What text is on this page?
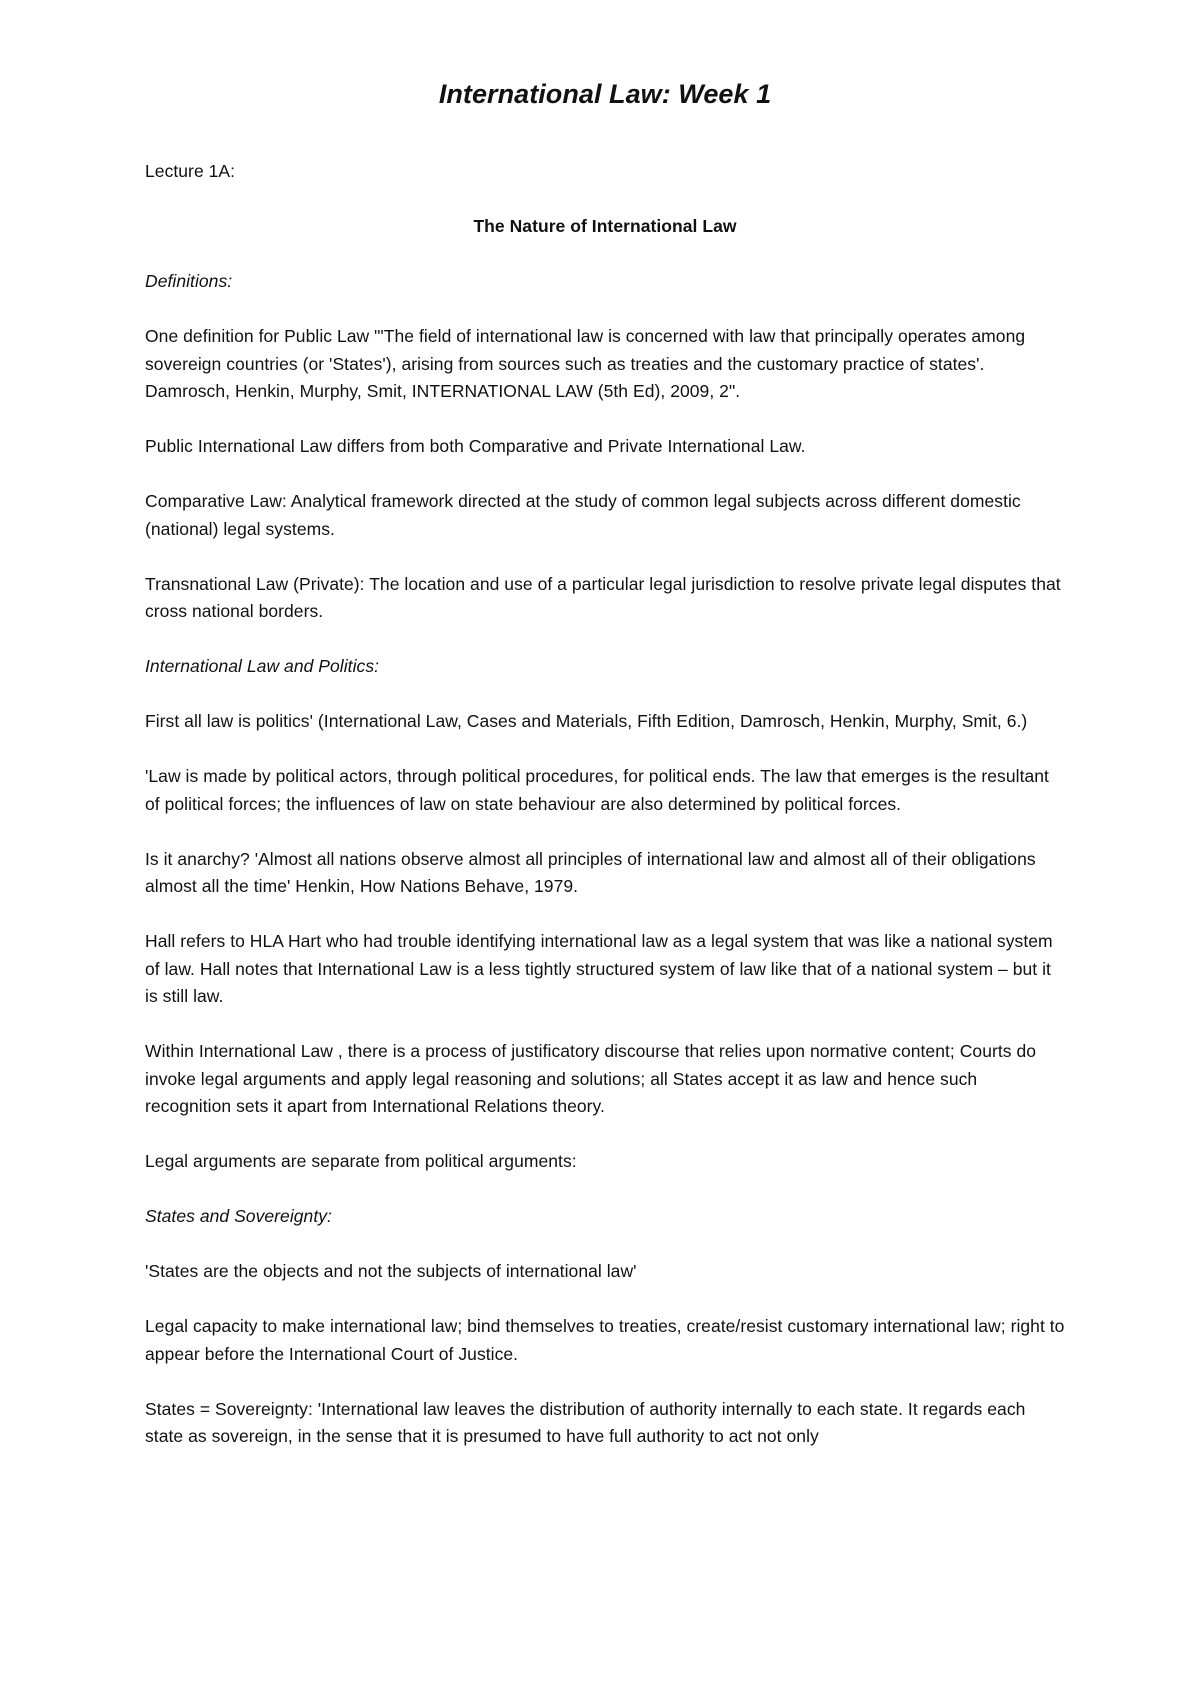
International Law: Week 1
Lecture 1A:
The Nature of International Law
Definitions:

One definition for Public Law "'The field of international law is concerned with law that principally operates among sovereign countries (or 'States'), arising from sources such as treaties and the customary practice of states'. Damrosch, Henkin, Murphy, Smit, INTERNATIONAL LAW (5th Ed), 2009, 2".

Public International Law differs from both Comparative and Private International Law.

Comparative Law: Analytical framework directed at the study of common legal subjects across different domestic (national) legal systems.

Transnational Law (Private): The location and use of a particular legal jurisdiction to resolve private legal disputes that cross national borders.

International Law and Politics:

First all law is politics' (International Law, Cases and Materials, Fifth Edition, Damrosch, Henkin, Murphy, Smit, 6.)

'Law is made by political actors, through political procedures, for political ends. The law that emerges is the resultant of political forces; the influences of law on state behaviour are also determined by political forces.

Is it anarchy? 'Almost all nations observe almost all principles of international law and almost all of their obligations almost all the time' Henkin, How Nations Behave, 1979.

Hall refers to HLA Hart who had trouble identifying international law as a legal system that was like a national system of law. Hall notes that International Law is a less tightly structured system of law like that of a national system – but it is still law.

Within International Law , there is a process of justificatory discourse that relies upon normative content; Courts do invoke legal arguments and apply legal reasoning and solutions; all States accept it as law and hence such recognition sets it apart from International Relations theory.

Legal arguments are separate from political arguments:

States and Sovereignty:

'States are the objects and not the subjects of international law'

Legal capacity to make international law; bind themselves to treaties, create/resist customary international law; right to appear before the International Court of Justice.

States = Sovereignty: 'International law leaves the distribution of authority internally to each state. It regards each state as sovereign, in the sense that it is presumed to have full authority to act not only
